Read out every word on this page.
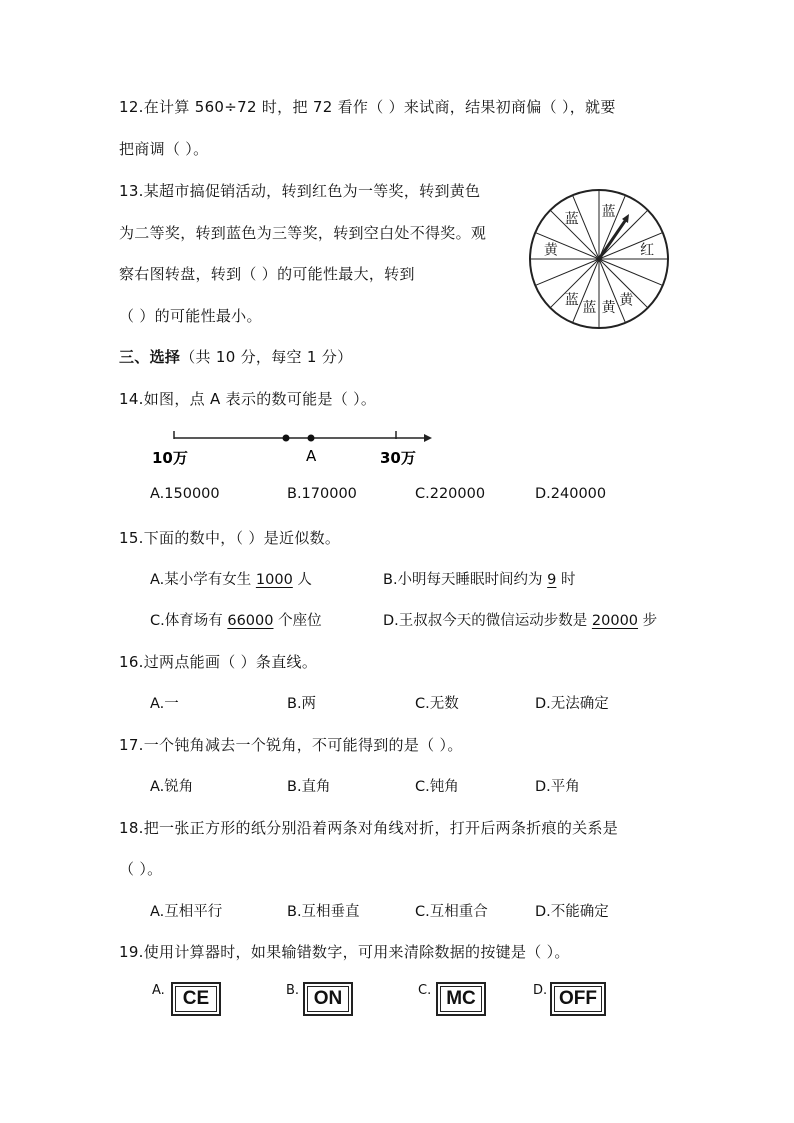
12.在计算 560÷72 时，把 72 看作（ ）来试商，结果初商偏（ ），就要
把商调（ ）。
13.某超市搞促销活动，转到红色为一等奖，转到黄色
为二等奖，转到蓝色为三等奖，转到空白处不得奖。观
察右图转盘，转到（ ）的可能性最大，转到
（ ）的可能性最小。
蓝 蓝
红
黄
蓝 蓝 黄
黄
三、选择（共 10 分，每空 1 分）
14.如图，点 A 表示的数可能是（ ）。
10万	A	30万
A.150000	B.170000	C.220000	D.240000
15.下面的数中，（ ）是近似数。
A.某小学有女生 1000 人	B.小明每天睡眠时间约为 9 时
C.体育场有 66000 个座位	D.王叔叔今天的微信运动步数是 20000 步
16.过两点能画（ ）条直线。
A.一	B.两	C.无数	D.无法确定
17.一个钝角减去一个锐角，不可能得到的是（ ）。
A.锐角	B.直角	C.钝角	D.平角
18.把一张正方形的纸分别沿着两条对角线对折，打开后两条折痕的关系是
（ ）。
A.互相平行	B.互相垂直	C.互相重合	D.不能确定
19.使用计算器时，如果输错数字，可用来清除数据的按键是（ ）。
A. CE	B. ON	C. MC	D. OFF
